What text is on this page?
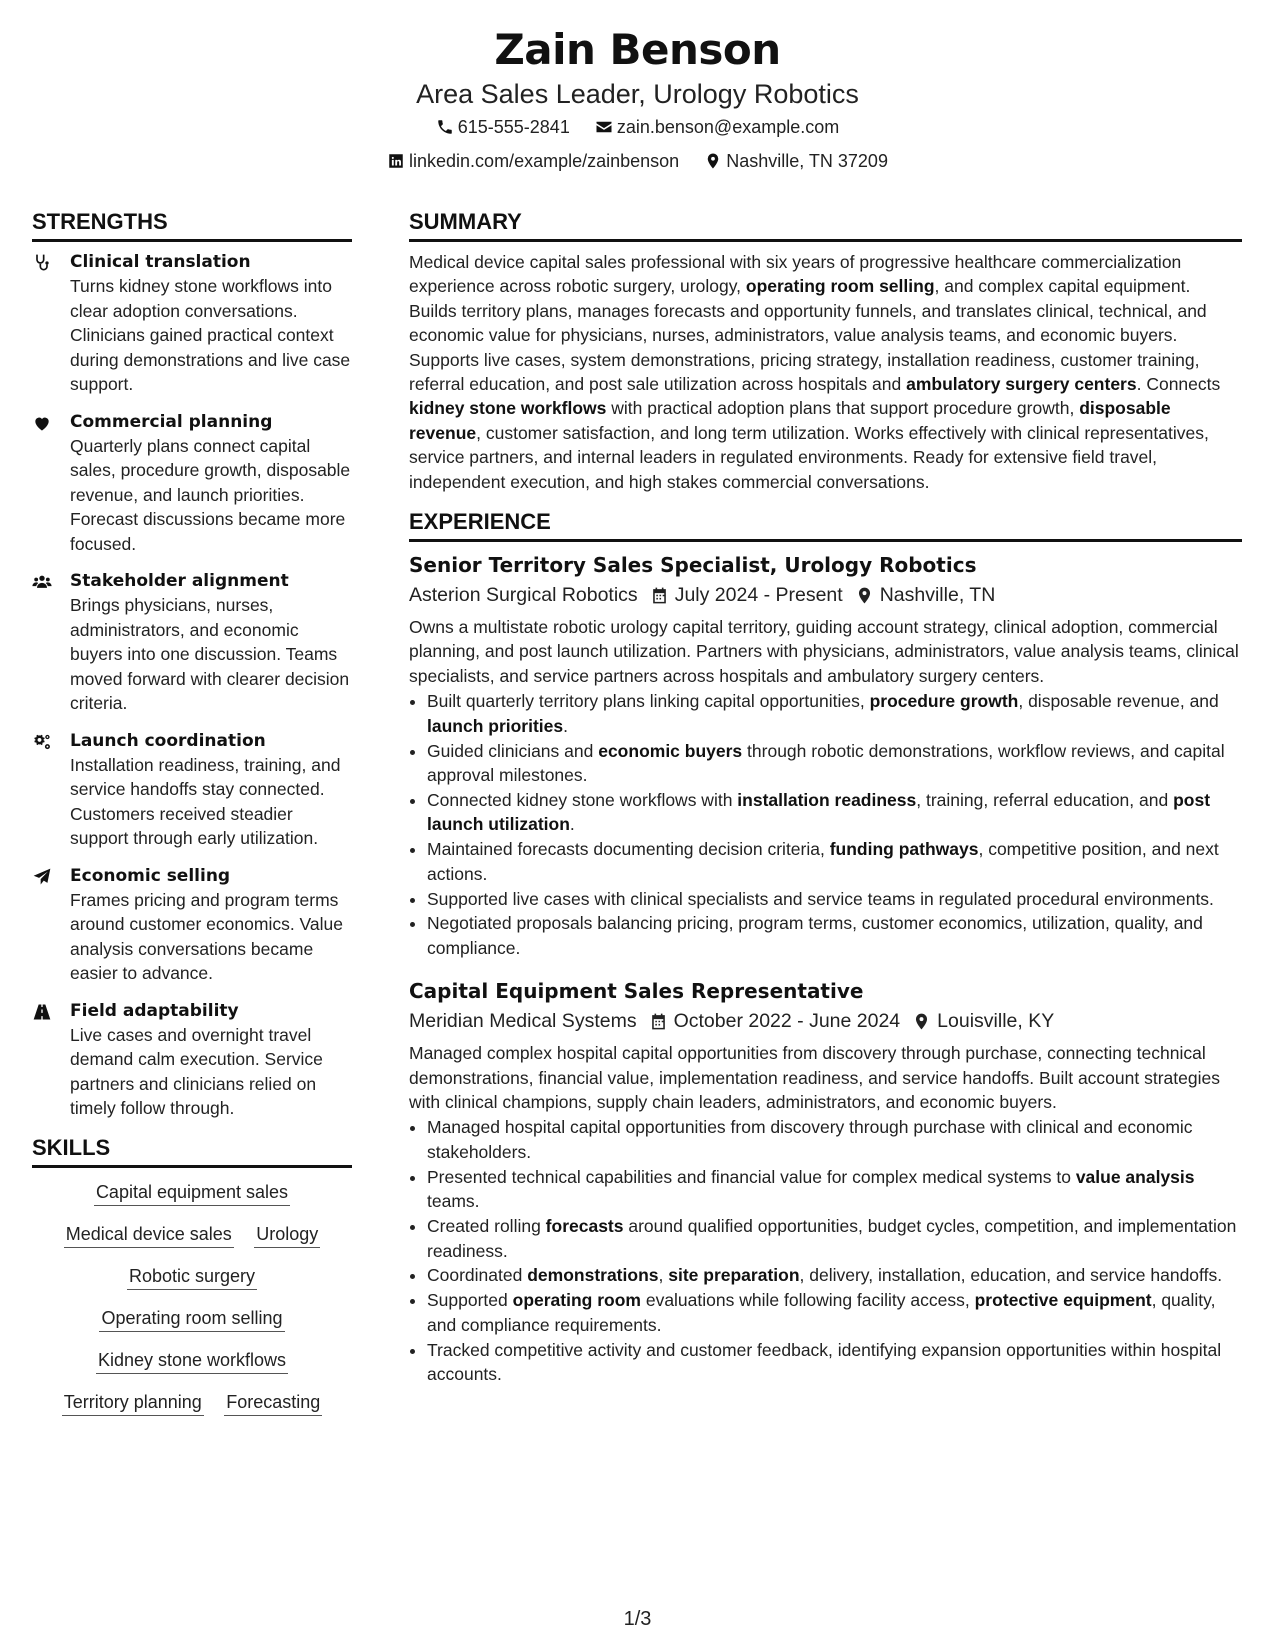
Zain Benson
Area Sales Leader, Urology Robotics
615-555-2841
	zain.benson@example.com
linkedin.com/example/zainbenson
	Nashville, TN 37209
STRENGTHS
Clinical translation
Turns kidney stone workflows into clear adoption conversations. Clinicians gained practical context during demonstrations and live case support.
Commercial planning
Quarterly plans connect capital sales, procedure growth, disposable revenue, and launch priorities. Forecast discussions became more focused.
Stakeholder alignment
Brings physicians, nurses, administrators, and economic buyers into one discussion. Teams moved forward with clearer decision criteria.
Launch coordination
Installation readiness, training, and service handoffs stay connected. Customers received steadier support through early utilization.
Economic selling
Frames pricing and program terms around customer economics. Value analysis conversations became easier to advance.
Field adaptability
Live cases and overnight travel demand calm execution. Service partners and clinicians relied on timely follow through.
SKILLS
Capital equipment sales
Medical device sales Urology
Robotic surgery
Operating room selling
Kidney stone workflows
Territory planning Forecasting
SUMMARY
Medical device capital sales professional with six years of progressive healthcare commercialization experience across robotic surgery, urology, operating room selling, and complex capital equipment. Builds territory plans, manages forecasts and opportunity funnels, and translates clinical, technical, and economic value for physicians, nurses, administrators, value analysis teams, and economic buyers. Supports live cases, system demonstrations, pricing strategy, installation readiness, customer training, referral education, and post sale utilization across hospitals and ambulatory surgery centers. Connects kidney stone workflows with practical adoption plans that support procedure growth, disposable revenue, customer satisfaction, and long term utilization. Works effectively with clinical representatives, service partners, and internal leaders in regulated environments. Ready for extensive field travel, independent execution, and high stakes commercial conversations.
EXPERIENCE
Senior Territory Sales Specialist, Urology Robotics
Asterion Surgical Robotics July 2024 - Present Nashville, TN
Owns a multistate robotic urology capital territory, guiding account strategy, clinical adoption, commercial planning, and post launch utilization. Partners with physicians, administrators, value analysis teams, clinical specialists, and service partners across hospitals and ambulatory surgery centers.
• Built quarterly territory plans linking capital opportunities, procedure growth, disposable revenue, and launch priorities.
• Guided clinicians and economic buyers through robotic demonstrations, workflow reviews, and capital approval milestones.
• Connected kidney stone workflows with installation readiness, training, referral education, and post launch utilization.
• Maintained forecasts documenting decision criteria, funding pathways, competitive position, and next actions.
• Supported live cases with clinical specialists and service teams in regulated procedural environments.
• Negotiated proposals balancing pricing, program terms, customer economics, utilization, quality, and compliance.
Capital Equipment Sales Representative
Meridian Medical Systems October 2022 - June 2024 Louisville, KY
Managed complex hospital capital opportunities from discovery through purchase, connecting technical demonstrations, financial value, implementation readiness, and service handoffs. Built account strategies with clinical champions, supply chain leaders, administrators, and economic buyers.
• Managed hospital capital opportunities from discovery through purchase with clinical and economic stakeholders.
• Presented technical capabilities and financial value for complex medical systems to value analysis teams.
• Created rolling forecasts around qualified opportunities, budget cycles, competition, and implementation readiness.
• Coordinated demonstrations, site preparation, delivery, installation, education, and service handoffs.
• Supported operating room evaluations while following facility access, protective equipment, quality, and compliance requirements.
• Tracked competitive activity and customer feedback, identifying expansion opportunities within hospital accounts.
1/3
